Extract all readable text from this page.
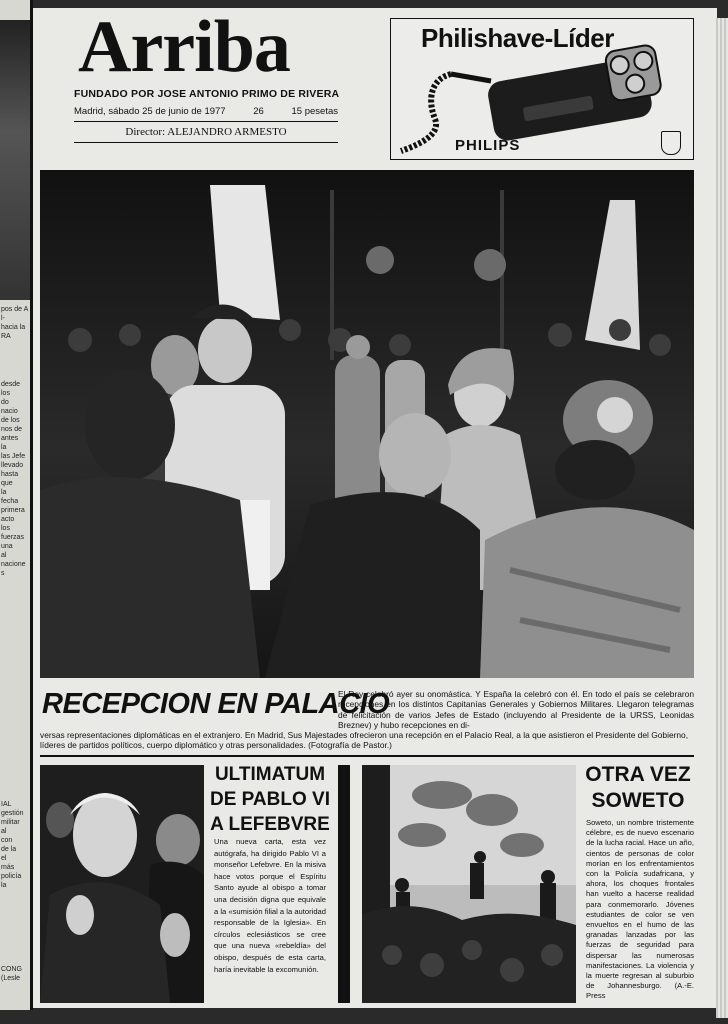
pos de Al-
hacia la
RA
desde
los
do
nacio
de los
nos de
antes
la
las Jefe
llevado
hasta
que
la
fecha
primera
acto
los
fuerzas
una
al
naciones
IAL
gestión
militar
al
con
de la
el
más
policía
la
CONG
(Lesle
Arriba
FUNDADO POR JOSE ANTONIO PRIMO DE RIVERA
Madrid, sábado 25 de junio de 1977	26	15 pesetas
Director: ALEJANDRO ARMESTO
Philishave-Líder
PHILIPS
RECEPCION EN PALACIO
El Rey celebró ayer su onomástica. Y España la celebró con él. En todo el país se celebraron recepciones en los distintos Capitanías Generales y Gobiernos Militares. Llegaron telegramas de felicitación de varios Jefes de Estado (incluyendo al Presidente de la URSS, Leonidas Breznev) y hubo recepciones en di-
versas representaciones diplomáticas en el extranjero. En Madrid, Sus Majestades ofrecieron una recepción en el Palacio Real, a la que asistieron el Presidente del Gobierno, líderes de partidos políticos, cuerpo diplomático y otras personalidades. (Fotografía de Pastor.)
ULTIMATUM DE PABLO VI A LEFEBVRE
Una nueva carta, esta vez autógrafa, ha dirigido Pablo VI a monseñor Lefebvre. En la misiva hace votos porque el Espíritu Santo ayude al obispo a tomar una decisión digna que equivale a la «sumisión filial a la autoridad responsable de la Iglesia». En círculos eclesiásticos se cree que una nueva «rebeldía» del obispo, después de esta carta, haría inevitable la excomunión.
OTRA VEZ SOWETO
Soweto, un nombre tristemente célebre, es de nuevo escenario de la lucha racial. Hace un año, cientos de personas de color morían en los enfrentamientos con la Policía sudafricana, y ahora, los choques frontales han vuelto a hacerse realidad para conmemorarlo. Jóvenes estudiantes de color se ven envueltos en el humo de las granadas lanzadas por las fuerzas de seguridad para dispersar las numerosas manifestaciones. La violencia y la muerte regresan al suburbio de Johannesburgo. (A.-E. Press
